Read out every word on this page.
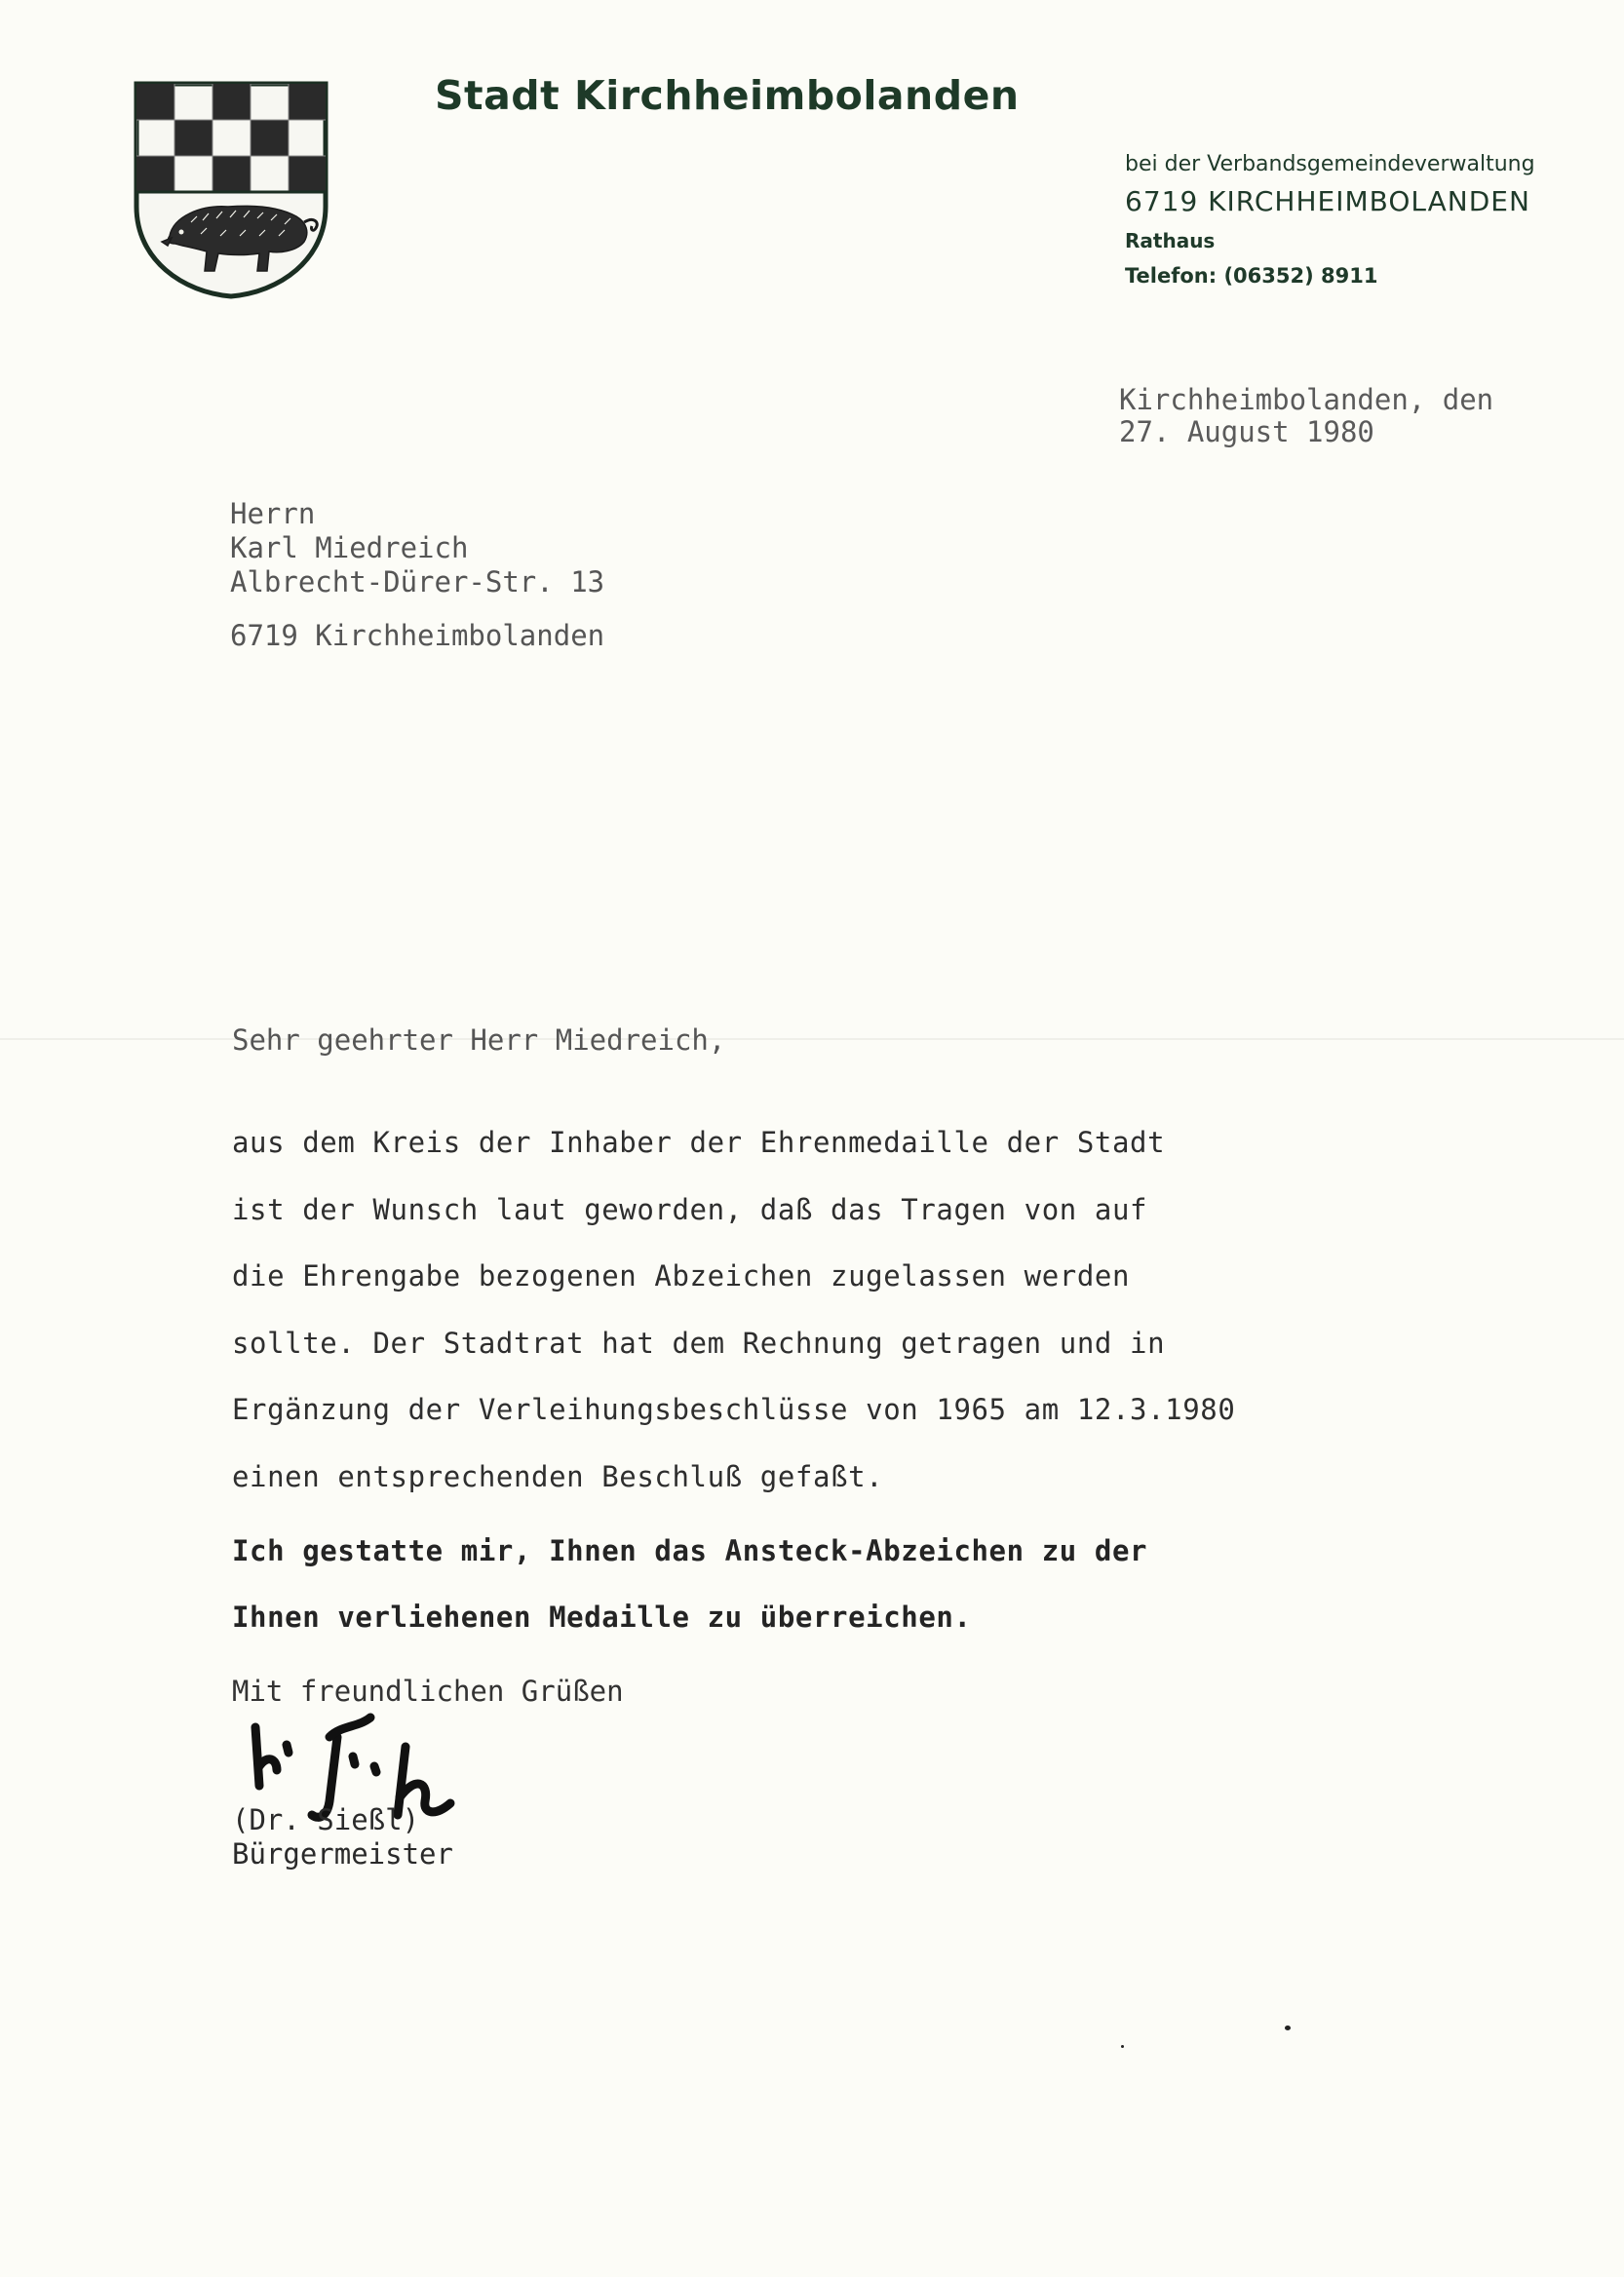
Stadt Kirchheimbolanden
bei der Verbandsgemeindeverwaltung
6719 KIRCHHEIMBOLANDEN
Rathaus
Telefon: (06352) 8911
Kirchheimbolanden, den
27. August 1980
Herrn
Karl Miedreich
Albrecht-Dürer-Str. 13
6719 Kirchheimbolanden
Sehr geehrter Herr Miedreich,
aus dem Kreis der Inhaber der Ehrenmedaille der Stadt
ist der Wunsch laut geworden, daß das Tragen von auf
die Ehrengabe bezogenen Abzeichen zugelassen werden
sollte. Der Stadtrat hat dem Rechnung getragen und in
Ergänzung der Verleihungsbeschlüsse von 1965 am 12.3.1980
einen entsprechenden Beschluß gefaßt.
Ich gestatte mir, Ihnen das Ansteck-Abzeichen zu der
Ihnen verliehenen Medaille zu überreichen.
Mit freundlichen Grüßen
(Dr. Sießl)
Bürgermeister
